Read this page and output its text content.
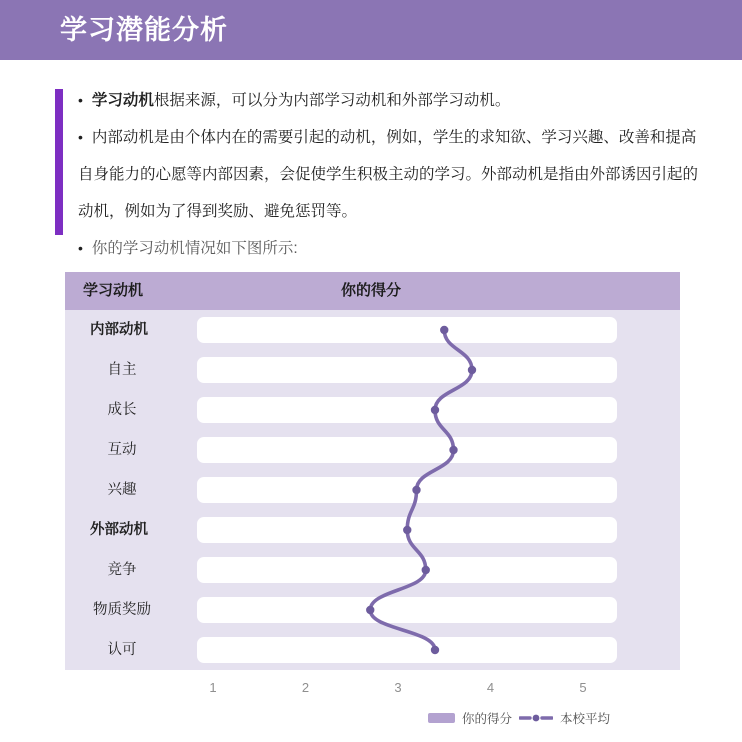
学习潜能分析

• 学习动机根据来源，可以分为内部学习动机和外部学习动机。

• 内部动机是由个体内在的需要引起的动机，例如，学生的求知欲、学习兴趣、改善和提高自身能力的心愿等内部因素，会促使学生积极主动的学习。外部动机是指由外部诱因引起的动机，例如为了得到奖励、避免惩罚等。

• 你的学习动机情况如下图所示:

学习动机	你的得分
内部动机
自主
成长
互动
兴趣
外部动机
竞争
物质奖励
认可
1	2	3	4	5
你的得分	本校平均
